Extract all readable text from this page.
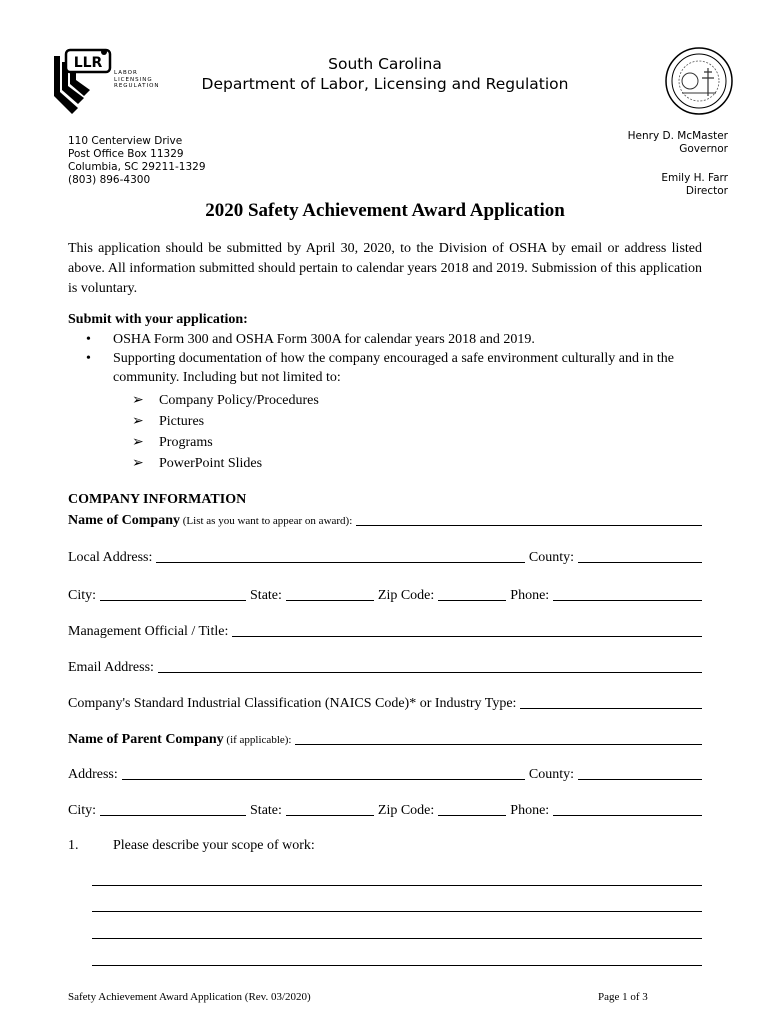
LLR
LABOR
LICENSING
REGULATION
South Carolina
Department of Labor, Licensing and Regulation
110 Centerview Drive
Post Office Box 11329
Columbia, SC 29211-1329
(803) 896-4300
Henry D. McMaster
Governor
Emily H. Farr
Director
2020 Safety Achievement Award Application
This application should be submitted by April 30, 2020, to the Division of OSHA by email or address listed above. All information submitted should pertain to calendar years 2018 and 2019. Submission of this application is voluntary.
Submit with your application:
•	OSHA Form 300 and OSHA Form 300A for calendar years 2018 and 2019.
•	Supporting documentation of how the company encouraged a safe environment culturally and in the community. Including but not limited to:
➢	Company Policy/Procedures
➢	Pictures
➢	Programs
➢	PowerPoint Slides
COMPANY INFORMATION
Name of Company (List as you want to appear on award):
Local Address:	County:
City:	State:	Zip Code:	Phone:
Management Official / Title:
Email Address:
Company's Standard Industrial Classification (NAICS Code)* or Industry Type:
Name of Parent Company (if applicable):
Address:	County:
City:	State:	Zip Code:	Phone:
1. Please describe your scope of work:
Safety Achievement Award Application (Rev. 03/2020)	Page 1 of 3
